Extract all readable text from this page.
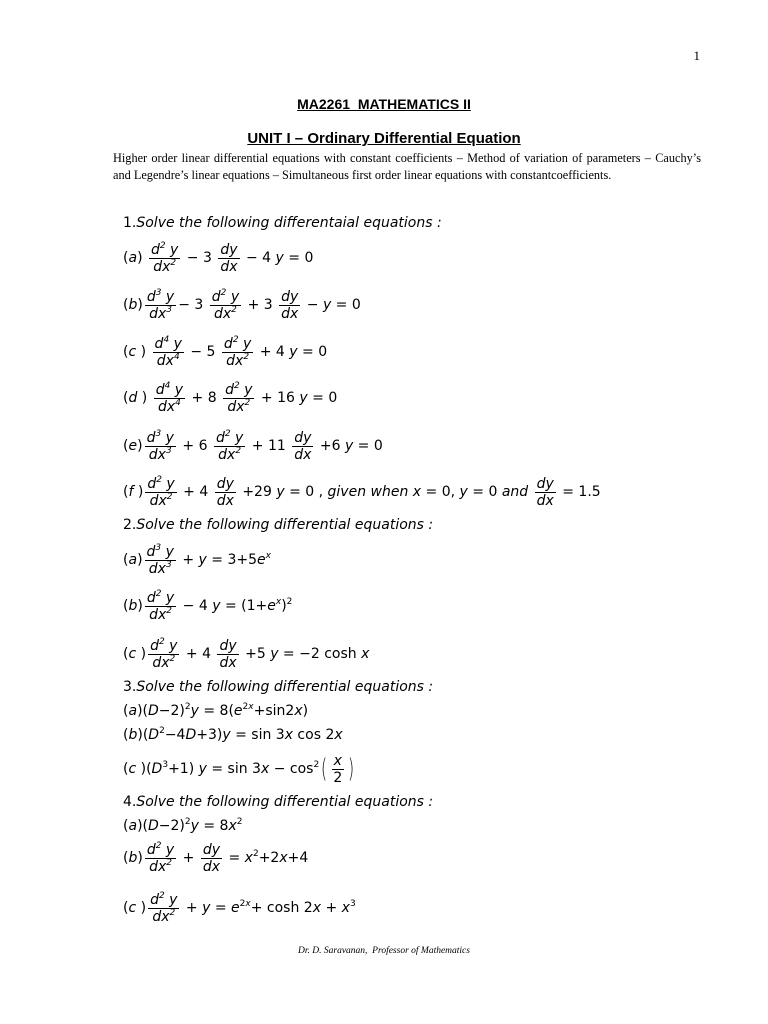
1
MA2261  MATHEMATICS II
UNIT I – Ordinary Differential Equation
Higher order linear differential equations with constant coefficients – Method of variation of parameters – Cauchy’s and Legendre’s linear equations – Simultaneous first order linear equations with constantcoefficients.
1.Solve the following differentaial equations :
(a)
$d^2$ y
$dx^2 - 3$
dy
dx
− 4 y = 0
(b)
$d^3$ y
$dx^3 - 3$
$d^2$ y
$dx^2 + 3$
dy
dx
− y = 0
(c )
$d^4$ y
$dx^4 - 5$
$d^2$ y
$dx^2 + 4$ y = 0
(d )
$d^4$ y
$dx^4 + 8$
$d^2$ y
$dx^2 + 16$ y = 0
(e)
$d^3$ y
$dx^3 + 6$
$d^2$ y
$dx^2 + 11$
dy
dx
+6 y = 0
(f )
$d^2$ y
$dx^2 + 4$
dy
dx
+29 y = 0 , given when x = 0, y = 0 and $\frac{dy}{dx} = 1.5$
2.Solve the following differential equations :
(a)
$d^3$ y
$dx^3 + y = 3+5e^x$
(b)
$d^2$ y
$dx^2 - 4$ $y = (1+e^x)^2$
(c )
$d^2$ y
$dx^2 + 4$
dy
dx
+5 y = −2 cosh x
3.Solve the following differential equations :
$(a)(D-2)^2y = 8(e^{2x}+\sin 2x)$
$(b)(D^2-4D+3)y = \sin 3x$ cos 2x
(c )$(D^3+1)$ $y = \sin 3x - \cos^2$ ( x
2 )
4.Solve the following differential equations :
$(a)(D-2)^2y = 8x^2$
(b)
$d^2$ y
$dx^2 + \frac{dy}{dx} = x^2+2x+4$
(c )
$d^2$ y
$dx^2 + y = e^{2x}+ \cosh 2x + x^3$
Dr. D. Saravanan,  Professor of Mathematics
